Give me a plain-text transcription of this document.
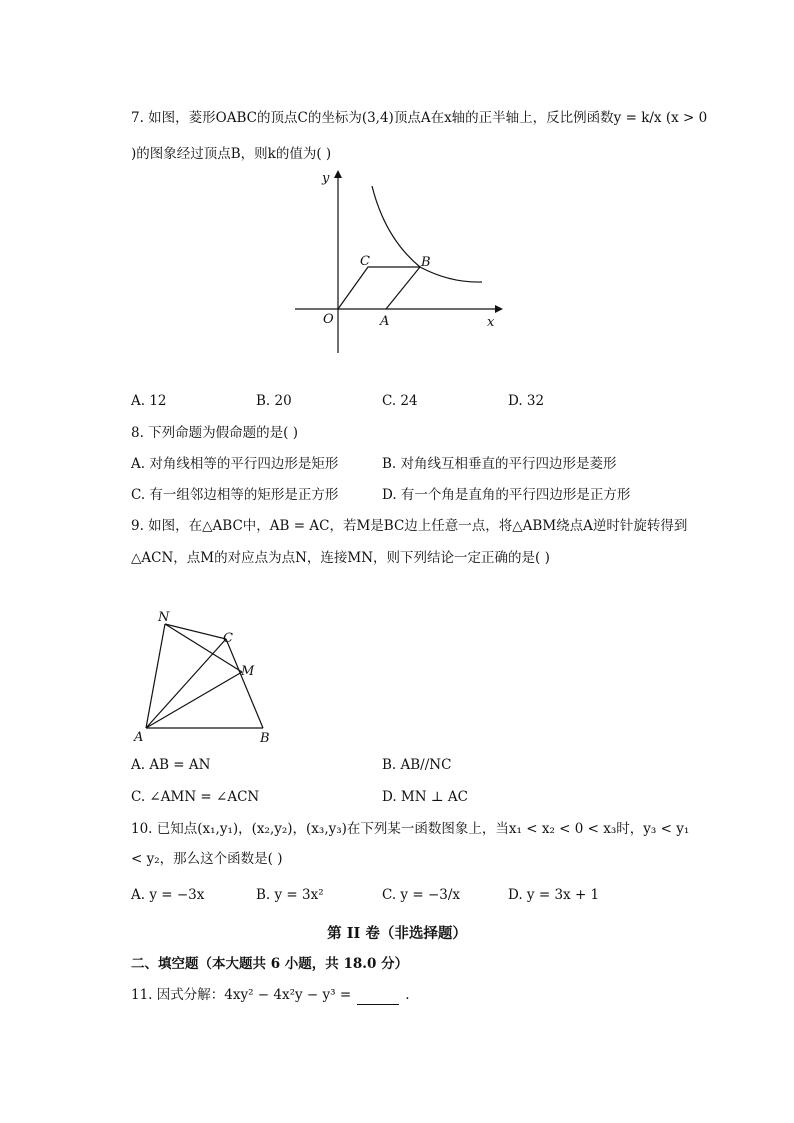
7. 如图，菱形OABC的顶点C的坐标为(3,4)顶点A在x轴的正半轴上，反比例函数y = k/x (x > 0
)的图象经过顶点B，则k的值为( )
y
x
O	A
B
C
A. 12	B. 20	C. 24	D. 32
8. 下列命题为假命题的是( )
A. 对角线相等的平行四边形是矩形	B. 对角线互相垂直的平行四边形是菱形
C. 有一组邻边相等的矩形是正方形	D. 有一个角是直角的平行四边形是正方形
9. 如图，在△ABC中，AB = AC，若M是BC边上任意一点，将△ABM绕点A逆时针旋转得到
△ACN，点M的对应点为点N，连接MN，则下列结论一定正确的是( )
N
C
M
A	B
A. AB = AN	B. AB//NC
C. ∠AMN = ∠ACN	D. MN ⊥ AC
10. 已知点(x₁,y₁)，(x₂,y₂)，(x₃,y₃)在下列某一函数图象上，当x₁ < x₂ < 0 < x₃时，y₃ < y₁
< y₂，那么这个函数是( )
A. y = −3x	B. y = 3x²	C. y = −3/x	D. y = 3x + 1
第 II 卷（非选择题）
二、填空题（本大题共 6 小题，共 18.0 分）
11. 因式分解：4xy² − 4x²y − y³ =	.
